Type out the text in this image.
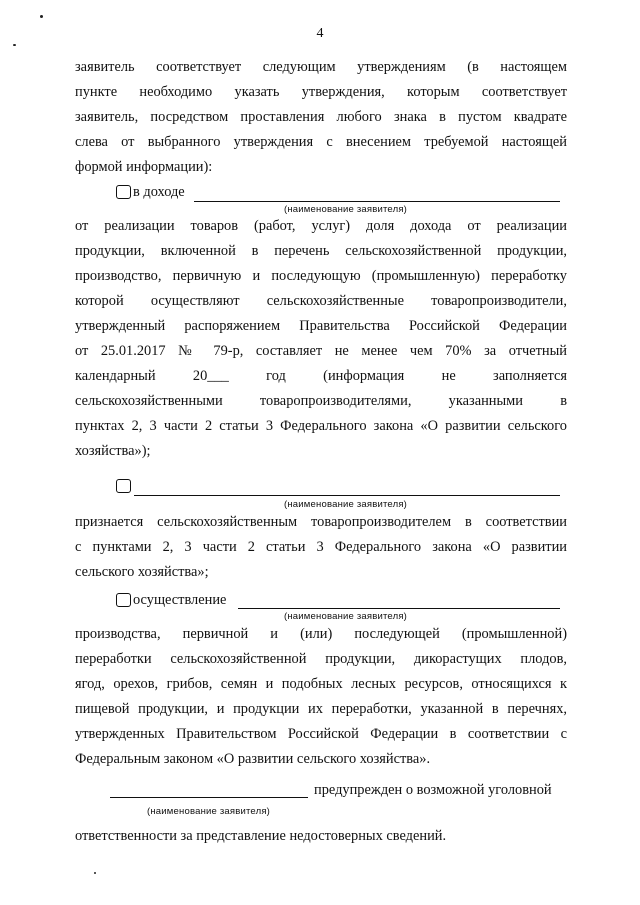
4
заявитель соответствует следующим утверждениям (в настоящем
пункте необходимо указать утверждения, которым соответствует
заявитель, посредством проставления любого знака в пустом квадрате
слева от выбранного утверждения с внесением требуемой настоящей
формой информации):
в доходе
(наименование заявителя)
от реализации товаров (работ, услуг) доля дохода от реализации
продукции, включенной в перечень сельскохозяйственной продукции,
производство, первичную и последующую (промышленную) переработку
которой осуществляют сельскохозяйственные товаропроизводители,
утвержденный распоряжением Правительства Российской Федерации
от 25.01.2017 № 79-р, составляет не менее чем 70% за отчетный
календарный 20___ год (информация не заполняется
сельскохозяйственными товаропроизводителями, указанными в
пунктах 2, 3 части 2 статьи 3 Федерального закона «О развитии сельского
хозяйства»);
(наименование заявителя)
признается сельскохозяйственным товаропроизводителем в соответствии
с пунктами 2, 3 части 2 статьи 3 Федерального закона «О развитии
сельского хозяйства»;
осуществление
(наименование заявителя)
производства, первичной и (или) последующей (промышленной)
переработки сельскохозяйственной продукции, дикорастущих плодов,
ягод, орехов, грибов, семян и подобных лесных ресурсов, относящихся к
пищевой продукции, и продукции их переработки, указанной в перечнях,
утвержденных Правительством Российской Федерации в соответствии с
Федеральным законом «О развитии сельского хозяйства».
предупрежден о возможной уголовной
(наименование заявителя)
ответственности за представление недостоверных сведений.
